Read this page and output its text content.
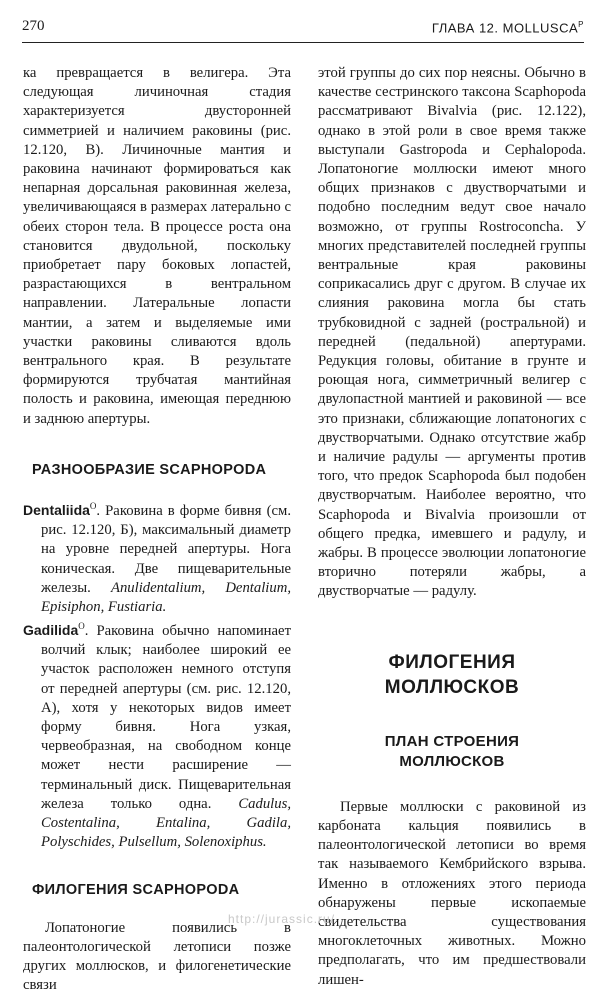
270	ГЛАВА 12. $MOLLUSCA^P$

ка превращается в велигера. Эта следующая личиночная стадия характеризуется двусторонней симметрией и наличием раковины (рис. 12.120, В). Личиночные мантия и раковина начинают формироваться как непарная дорсальная раковинная железа, увеличивающаяся в размерах латерально с обеих сторон тела. В процессе роста она становится двудольной, поскольку приобретает пару боковых лопастей, разрастающихся в вентральном направлении. Латеральные лопасти мантии, а затем и выделяемые ими участки раковины сливаются вдоль вентрального края. В результате формируются трубчатая мантийная полость и раковина, имеющая переднюю и заднюю апертуры.

РАЗНООБРАЗИЕ SCAPHOPODA

Dentaliida$^O$. Раковина в форме бивня (см. рис. 12.120, Б), максимальный диаметр на уровне передней апертуры. Нога коническая. Две пищеварительные железы. Anulidentalium, Dentalium, Episiphon, Fustiaria.

Gadilida$^O$. Раковина обычно напоминает волчий клык; наиболее широкий ее участок расположен немного отступя от передней апертуры (см. рис. 12.120, А), хотя у некоторых видов имеет форму бивня. Нога узкая, червеобразная, на свободном конце может нести расширение — терминальный диск. Пищеварительная железа только одна. Cadulus, Costentalina, Entalina, Gadila, Polyschides, Pulsellum, Solenoxiphus.

ФИЛОГЕНИЯ SCAPHOPODA

Лопатоногие появились в палеонтологической летописи позже других моллюсков, и филогенетические связи

этой группы до сих пор неясны. Обычно в качестве сестринского таксона Scaphopoda рассматривают Bivalvia (рис. 12.122), однако в этой роли в свое время также выступали Gastropoda и Cephalopoda. Лопатоногие моллюски имеют много общих признаков с двустворчатыми и подобно последним ведут свое начало возможно, от группы Rostroconcha. У многих представителей последней группы вентральные края раковины соприкасались друг с другом. В случае их слияния раковина могла бы стать трубковидной с задней (ростральной) и передней (педальной) апертурами. Редукция головы, обитание в грунте и роющая нога, симметричный велигер с двулопастной мантией и раковиной — все это признаки, сближающие лопатоногих с двустворчатыми. Однако отсутствие жабр и наличие радулы — аргументы против того, что предок Scaphopoda был подобен двустворчатым. Наиболее вероятно, что Scaphopoda и Bivalvia произошли от общего предка, имевшего и радулу, и жабры. В процессе эволюции лопатоногие вторично потеряли жабры, а двустворчатые — радулу.

ФИЛОГЕНИЯ
МОЛЛЮСКОВ
ПЛАН СТРОЕНИЯ
МОЛЛЮСКОВ

Первые моллюски с раковиной из карбоната кальция появились в палеонтологической летописи во время так называемого Кембрийского взрыва. Именно в отложениях этого периода обнаружены первые ископаемые свидетельства существования многоклеточных животных. Можно предполагать, что им предшествовали лишен-

http://jurassic.ru/
